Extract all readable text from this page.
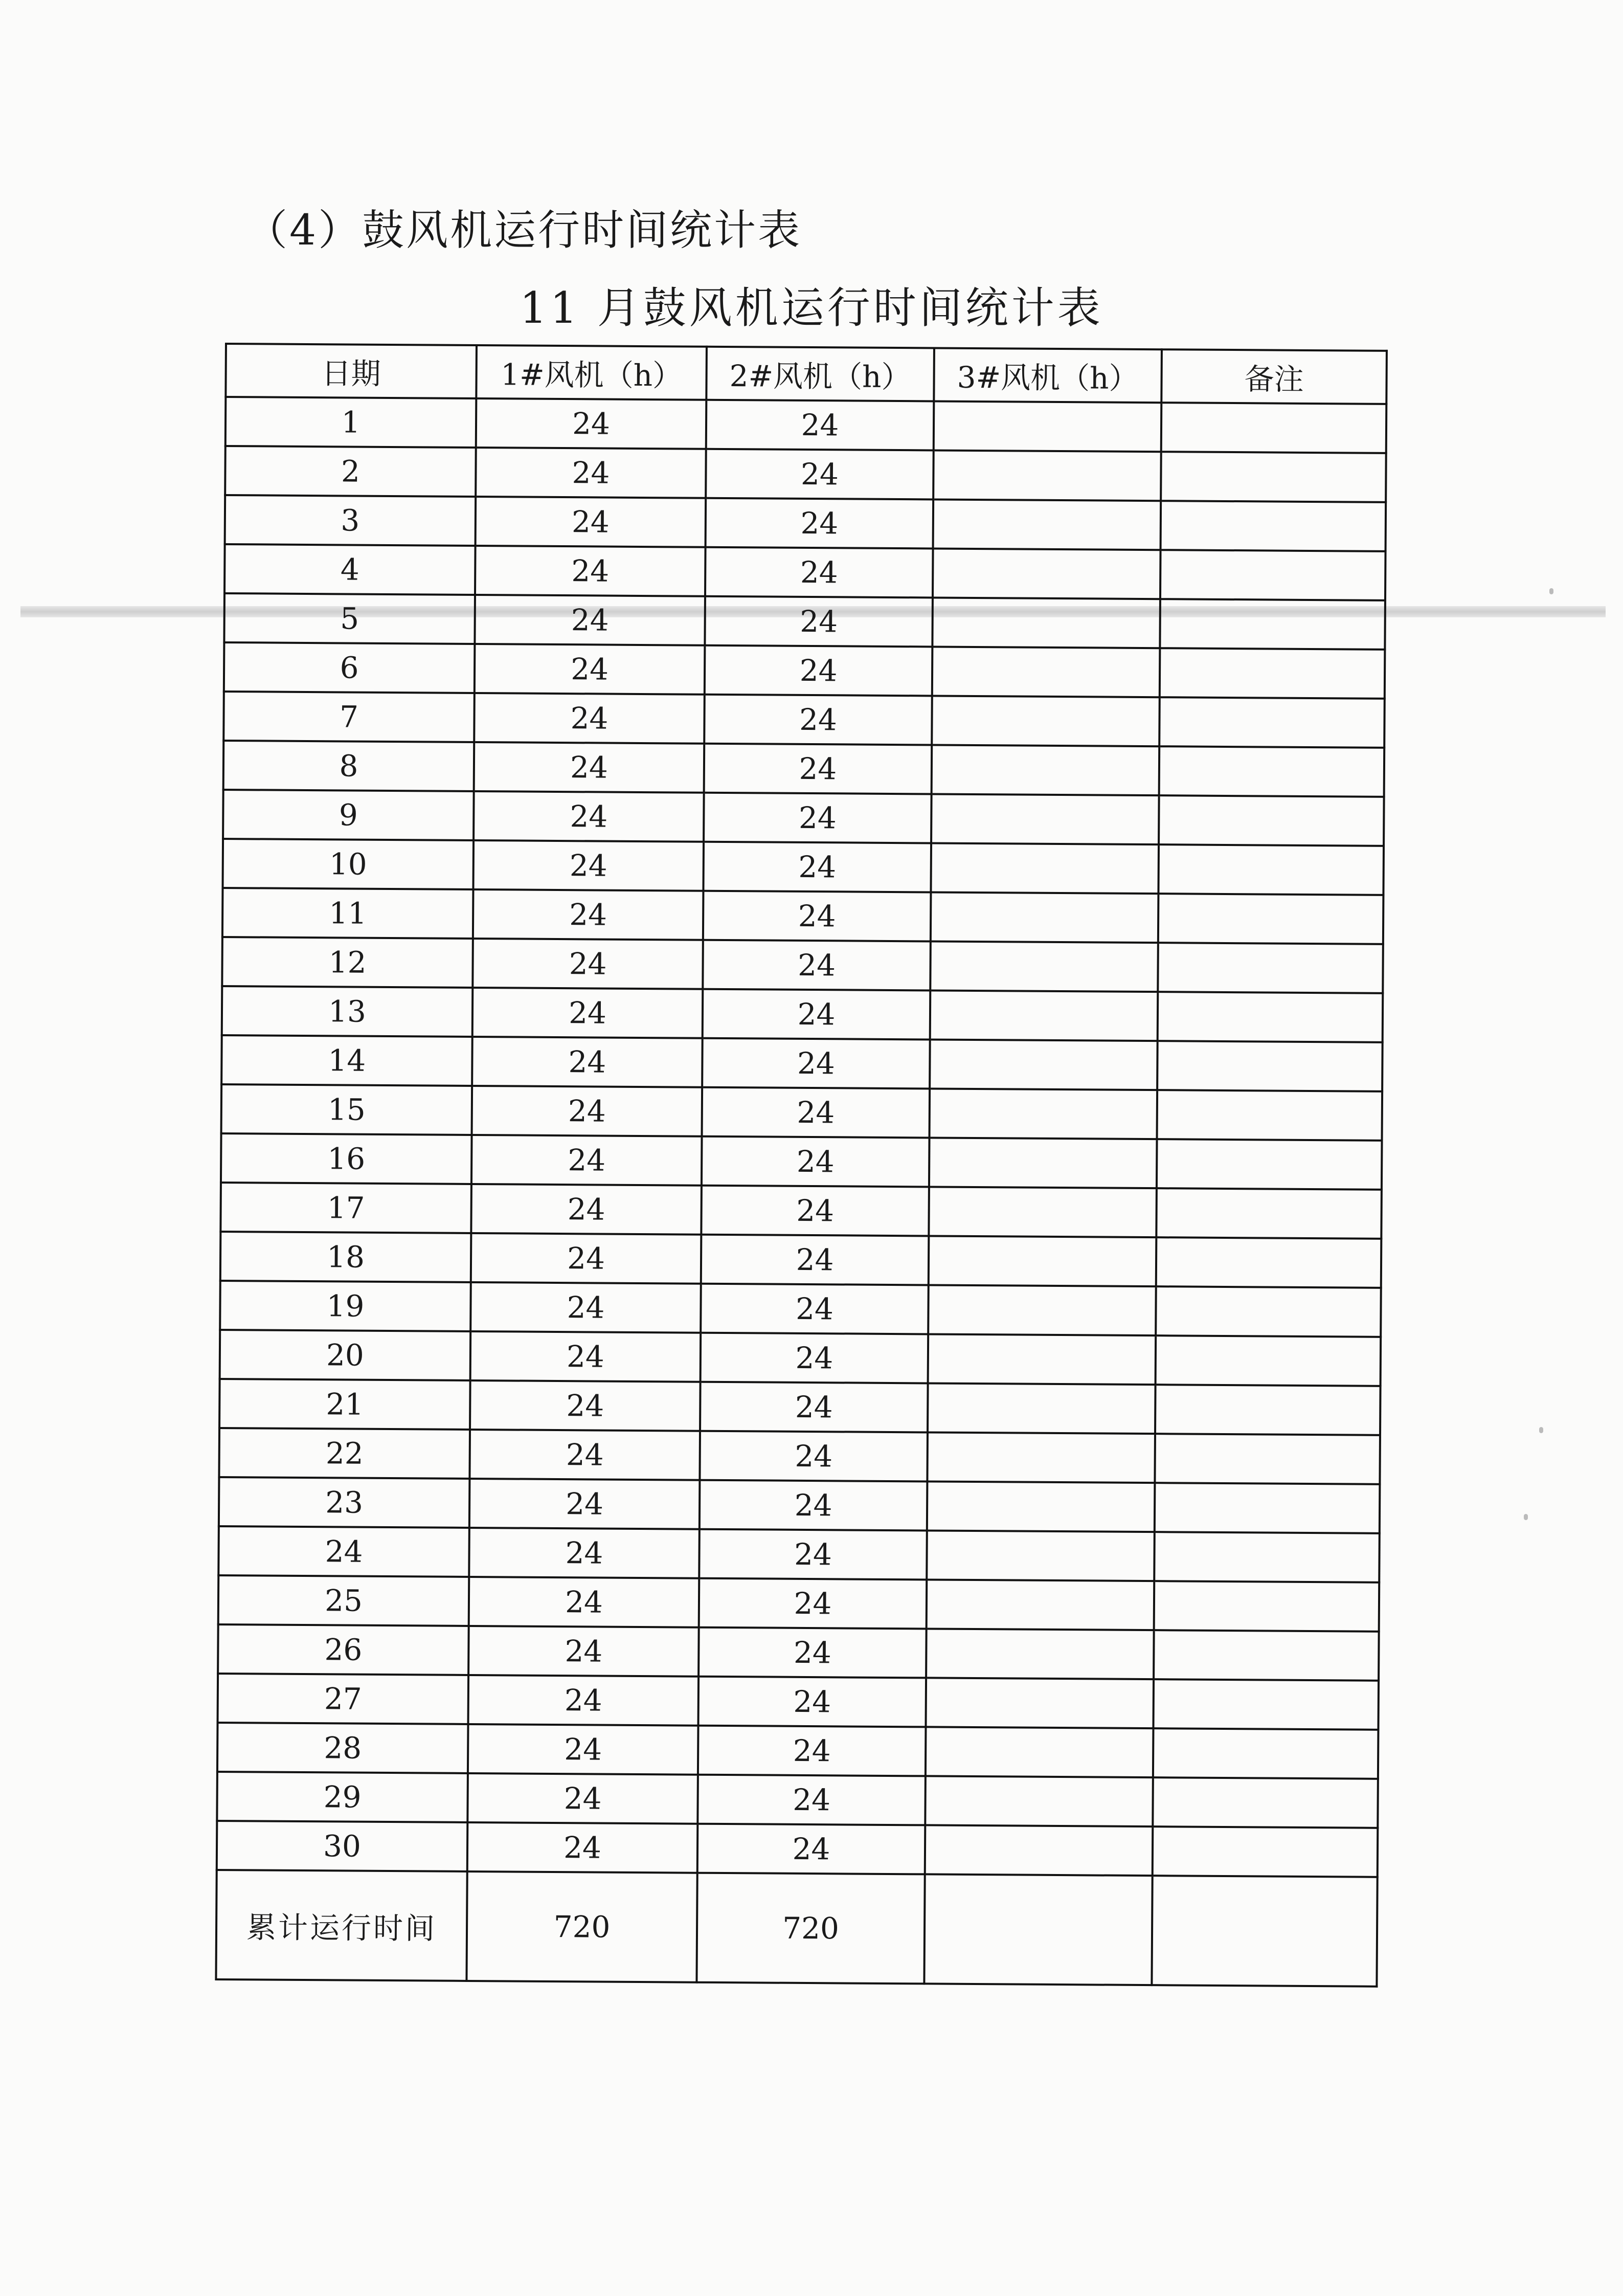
（4）鼓风机运行时间统计表
11 月鼓风机运行时间统计表
日期	1#风机（h）	2#风机（h）	3#风机（h）	备注
1	24	24		
2	24	24		
3	24	24		
4	24	24		
5	24	24		
6	24	24		
7	24	24		
8	24	24		
9	24	24		
10	24	24		
11	24	24		
12	24	24		
13	24	24		
14	24	24		
15	24	24		
16	24	24		
17	24	24		
18	24	24		
19	24	24		
20	24	24		
21	24	24		
22	24	24		
23	24	24		
24	24	24		
25	24	24		
26	24	24		
27	24	24		
28	24	24		
29	24	24		
30	24	24		
累计运行时间	720	720		
